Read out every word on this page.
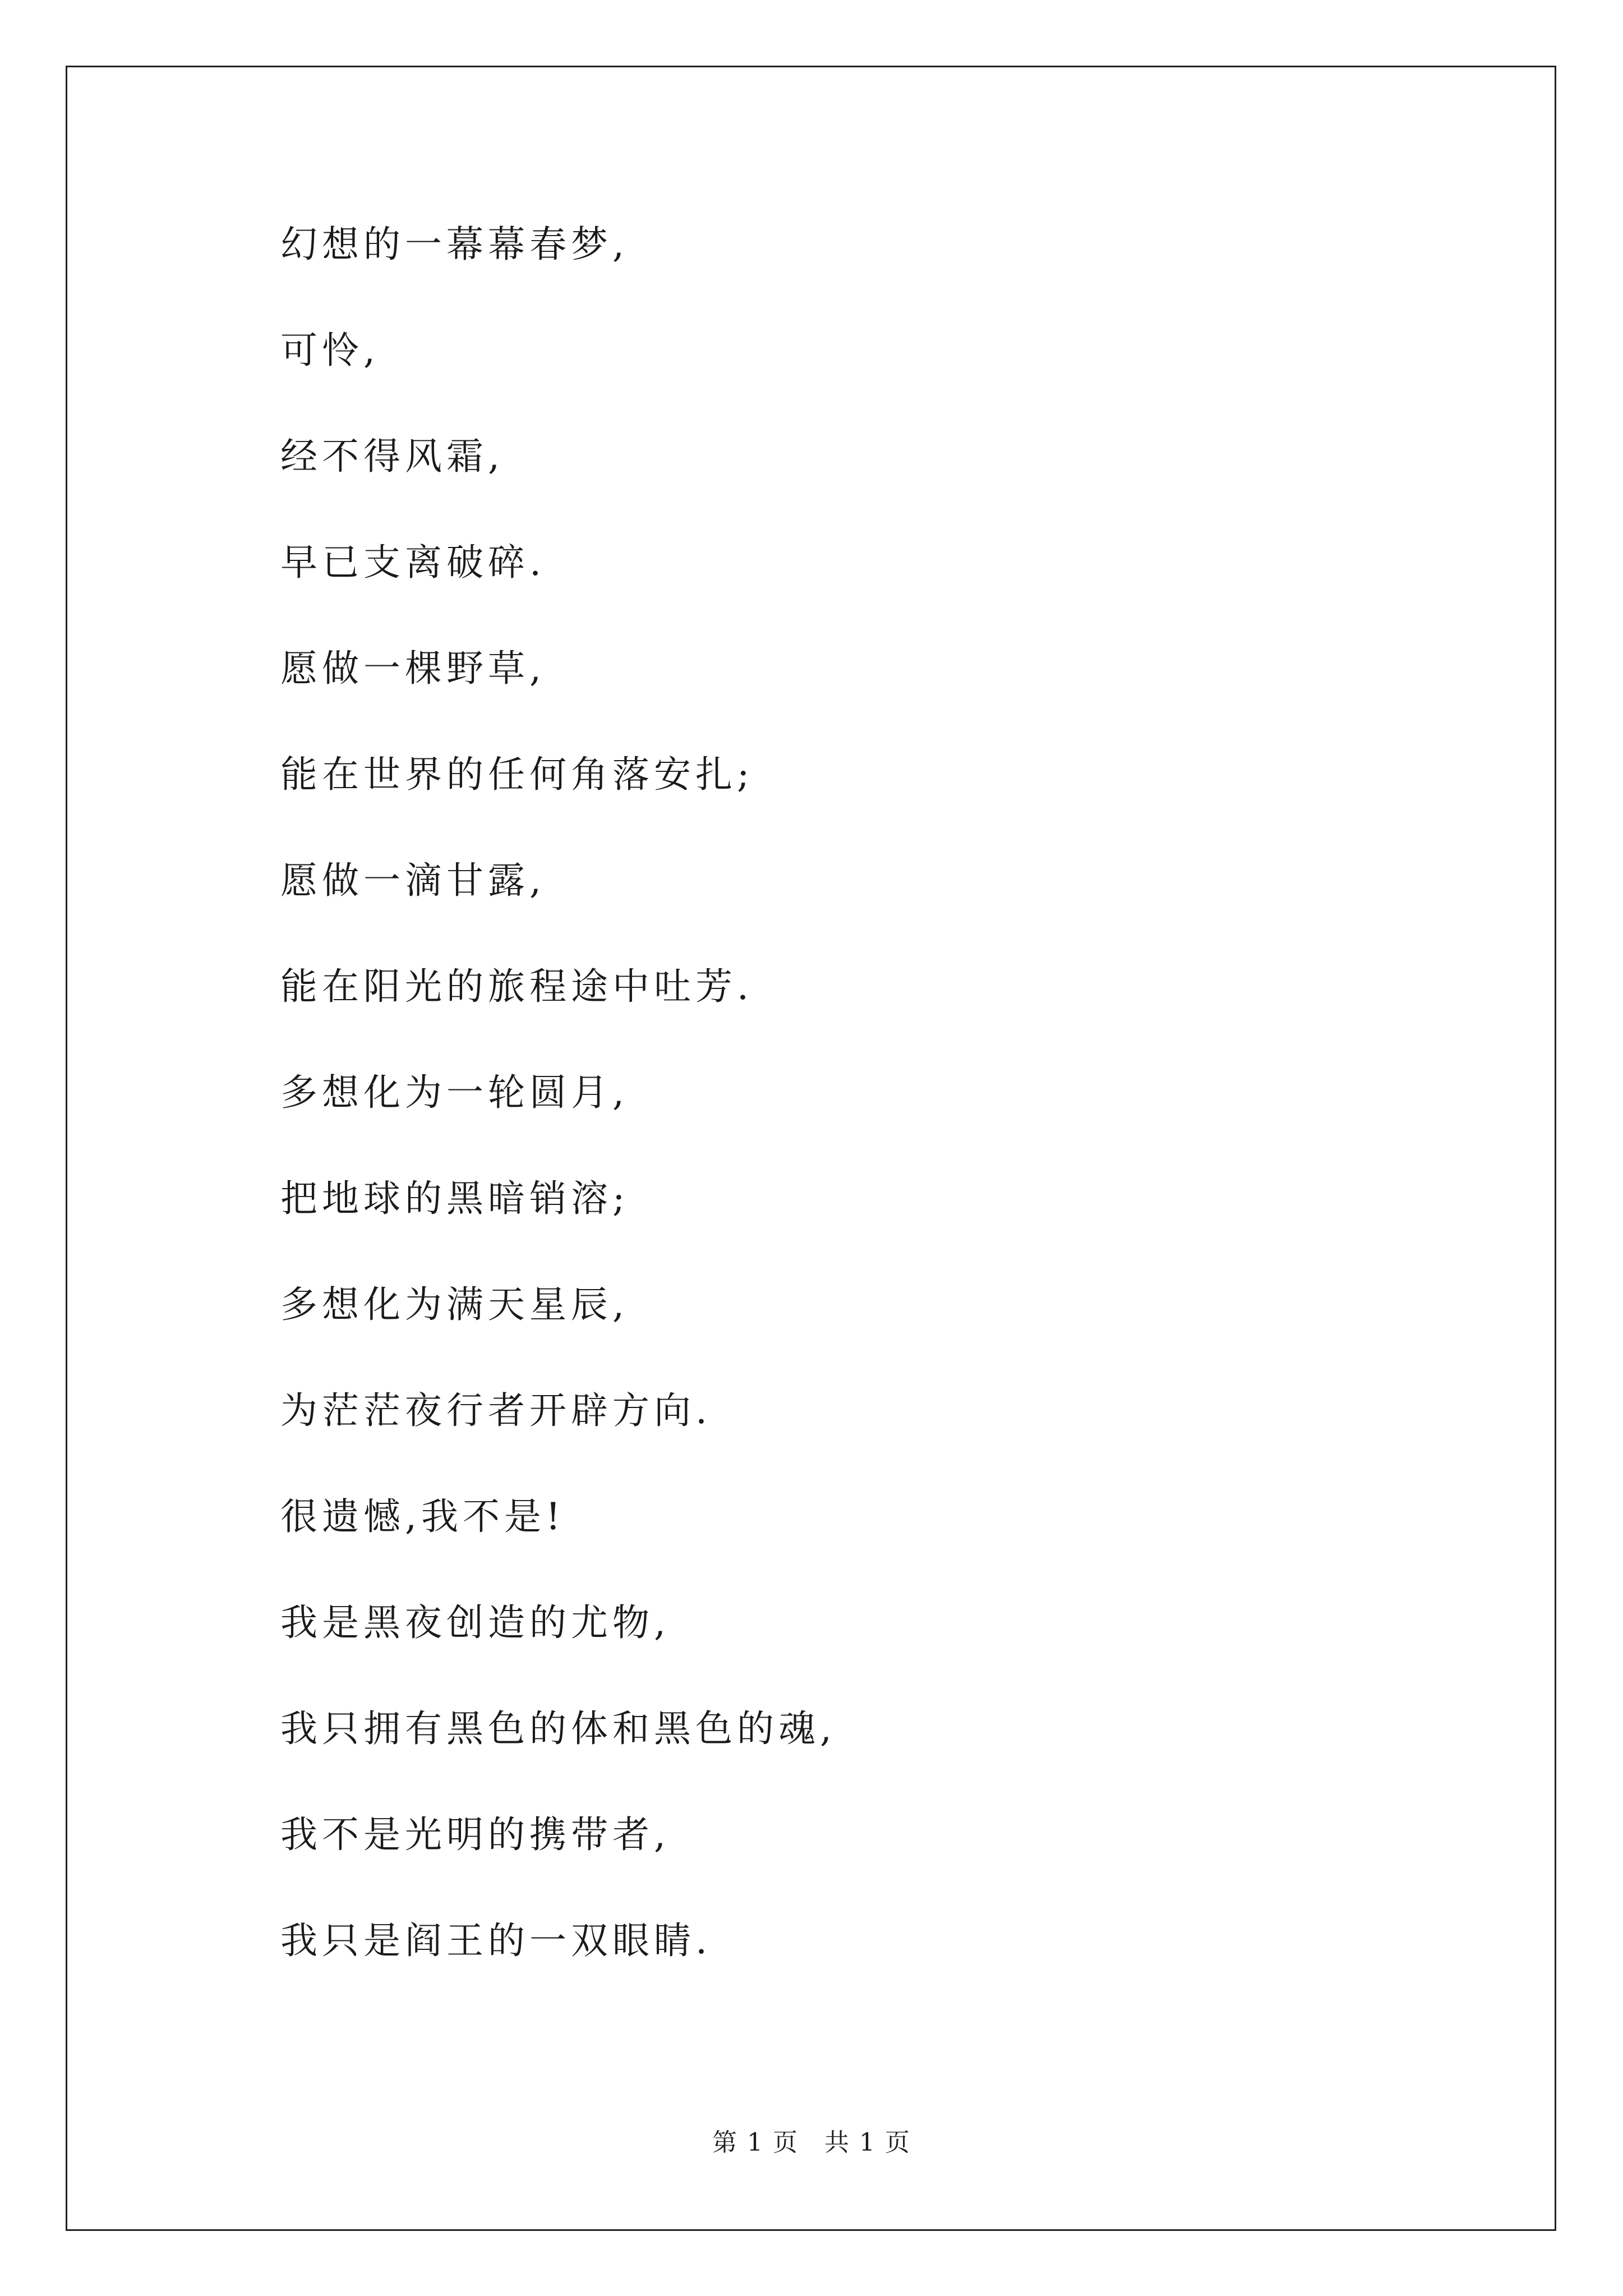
幻想的一幕幕春梦,
可怜,
经不得风霜,
早已支离破碎.
愿做一棵野草,
能在世界的任何角落安扎;
愿做一滴甘露,
能在阳光的旅程途中吐芳.
多想化为一轮圆月,
把地球的黑暗销溶;
多想化为满天星辰,
为茫茫夜行者开辟方向.
很遗憾,我不是!
我是黑夜创造的尤物,
我只拥有黑色的体和黑色的魂,
我不是光明的携带者,
我只是阎王的一双眼睛.
第 1 页　共 1 页
